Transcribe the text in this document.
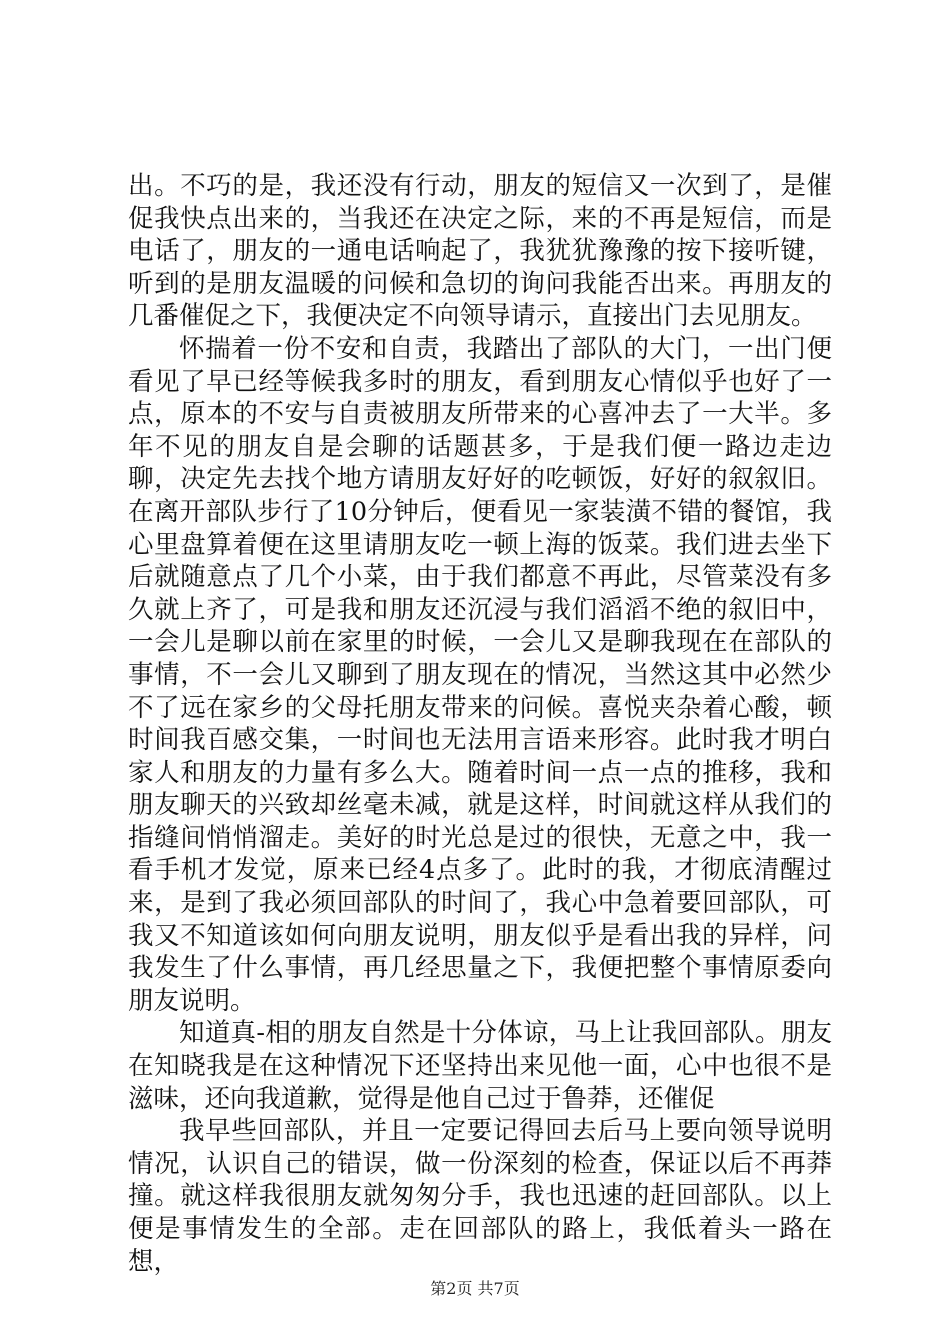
出。不巧的是，我还没有行动，朋友的短信又一次到了，是催促我快点出来的，当我还在决定之际，来的不再是短信，而是电话了，朋友的一通电话响起了，我犹犹豫豫的按下接听键，听到的是朋友温暖的问候和急切的询问我能否出来。再朋友的几番催促之下，我便决定不向领导请示，直接出门去见朋友。

怀揣着一份不安和自责，我踏出了部队的大门，一出门便看见了早已经等候我多时的朋友，看到朋友心情似乎也好了一点，原本的不安与自责被朋友所带来的心喜冲去了一大半。多年不见的朋友自是会聊的话题甚多，于是我们便一路边走边聊，决定先去找个地方请朋友好好的吃顿饭，好好的叙叙旧。在离开部队步行了10分钟后，便看见一家装潢不错的餐馆，我心里盘算着便在这里请朋友吃一顿上海的饭菜。我们进去坐下后就随意点了几个小菜，由于我们都意不再此，尽管菜没有多久就上齐了，可是我和朋友还沉浸与我们滔滔不绝的叙旧中，一会儿是聊以前在家里的时候，一会儿又是聊我现在在部队的事情，不一会儿又聊到了朋友现在的情况，当然这其中必然少不了远在家乡的父母托朋友带来的问候。喜悦夹杂着心酸，顿时间我百感交集，一时间也无法用言语来形容。此时我才明白家人和朋友的力量有多么大。随着时间一点一点的推移，我和朋友聊天的兴致却丝毫未减，就是这样，时间就这样从我们的指缝间悄悄溜走。美好的时光总是过的很快，无意之中，我一看手机才发觉，原来已经4点多了。此时的我，才彻底清醒过来，是到了我必须回部队的时间了，我心中急着要回部队，可我又不知道该如何向朋友说明，朋友似乎是看出我的异样，问我发生了什么事情，再几经思量之下，我便把整个事情原委向朋友说明。

知道真-相的朋友自然是十分体谅，马上让我回部队。朋友在知晓我是在这种情况下还坚持出来见他一面，心中也很不是滋味，还向我道歉，觉得是他自己过于鲁莽，还催促

我早些回部队，并且一定要记得回去后马上要向领导说明情况，认识自己的错误，做一份深刻的检查，保证以后不再莽撞。就这样我很朋友就匆匆分手，我也迅速的赶回部队。以上便是事情发生的全部。走在回部队的路上，我低着头一路在想，

第2页 共7页
